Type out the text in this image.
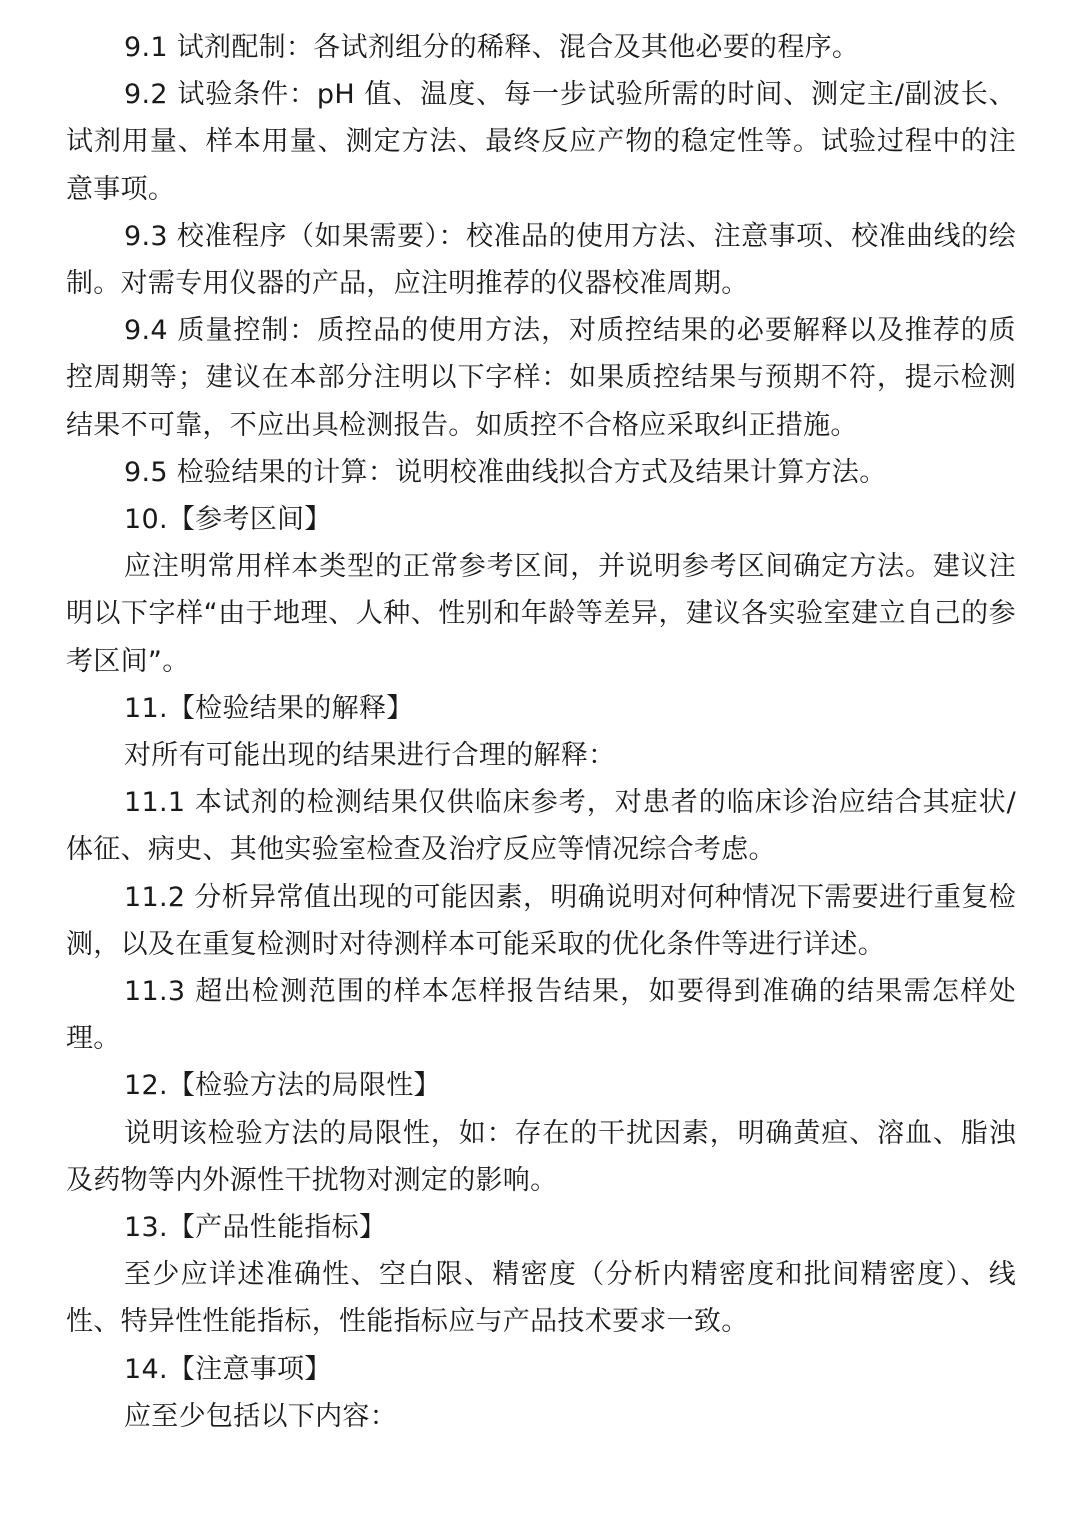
9.1 试剂配制：各试剂组分的稀释、混合及其他必要的程序。

9.2 试验条件：pH 值、温度、每一步试验所需的时间、测定主/副波长、试剂用量、样本用量、测定方法、最终反应产物的稳定性等。试验过程中的注意事项。

9.3 校准程序（如果需要）：校准品的使用方法、注意事项、校准曲线的绘制。对需专用仪器的产品，应注明推荐的仪器校准周期。

9.4 质量控制：质控品的使用方法，对质控结果的必要解释以及推荐的质控周期等；建议在本部分注明以下字样：如果质控结果与预期不符，提示检测结果不可靠，不应出具检测报告。如质控不合格应采取纠正措施。

9.5 检验结果的计算：说明校准曲线拟合方式及结果计算方法。

10.【参考区间】

应注明常用样本类型的正常参考区间，并说明参考区间确定方法。建议注明以下字样“由于地理、人种、性别和年龄等差异，建议各实验室建立自己的参考区间”。

11.【检验结果的解释】

对所有可能出现的结果进行合理的解释：

11.1 本试剂的检测结果仅供临床参考，对患者的临床诊治应结合其症状/体征、病史、其他实验室检查及治疗反应等情况综合考虑。

11.2 分析异常值出现的可能因素，明确说明对何种情况下需要进行重复检测，以及在重复检测时对待测样本可能采取的优化条件等进行详述。

11.3 超出检测范围的样本怎样报告结果，如要得到准确的结果需怎样处理。

12.【检验方法的局限性】

说明该检验方法的局限性，如：存在的干扰因素，明确黄疸、溶血、脂浊及药物等内外源性干扰物对测定的影响。

13.【产品性能指标】

至少应详述准确性、空白限、精密度（分析内精密度和批间精密度）、线性、特异性性能指标，性能指标应与产品技术要求一致。

14.【注意事项】

应至少包括以下内容：
